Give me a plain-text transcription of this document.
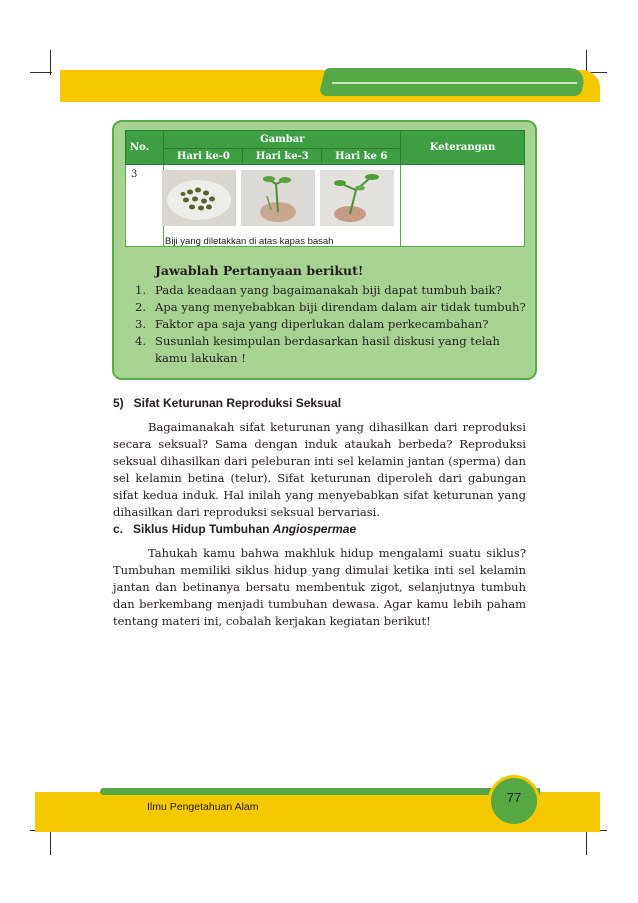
No.	Gambar			Keterangan
	Hari ke-0	Hari ke-3	Hari ke 6	
3				
Biji yang diletakkan di atas kapas basah
Jawablah Pertanyaan berikut!
1. Pada keadaan yang bagaimanakah biji dapat tumbuh baik?
2. Apa yang menyebabkan biji direndam dalam air tidak tumbuh?
3. Faktor apa saja yang diperlukan dalam perkecambahan?
4. Susunlah kesimpulan berdasarkan hasil diskusi yang telah kamu lakukan !
5)   Sifat Keturunan Reproduksi Seksual

Bagaimanakah sifat keturunan yang dihasilkan dari reproduksi secara seksual? Sama dengan induk ataukah berbeda? Reproduksi seksual dihasilkan dari peleburan inti sel kelamin jantan (sperma) dan sel kelamin betina (telur). Sifat keturunan diperoleh dari gabungan sifat kedua induk. Hal inilah yang menyebabkan sifat keturunan yang dihasilkan dari reproduksi seksual bervariasi.

c.   Siklus Hidup Tumbuhan Angiospermae

Tahukah kamu bahwa makhluk hidup mengalami suatu siklus? Tumbuhan memiliki siklus hidup yang dimulai ketika inti sel kelamin jantan dan betinanya bersatu membentuk zigot, selanjutnya tumbuh dan berkembang menjadi tumbuhan dewasa. Agar kamu lebih paham tentang materi ini, cobalah kerjakan kegiatan berikut!

Ilmu Pengetahuan Alam
77
